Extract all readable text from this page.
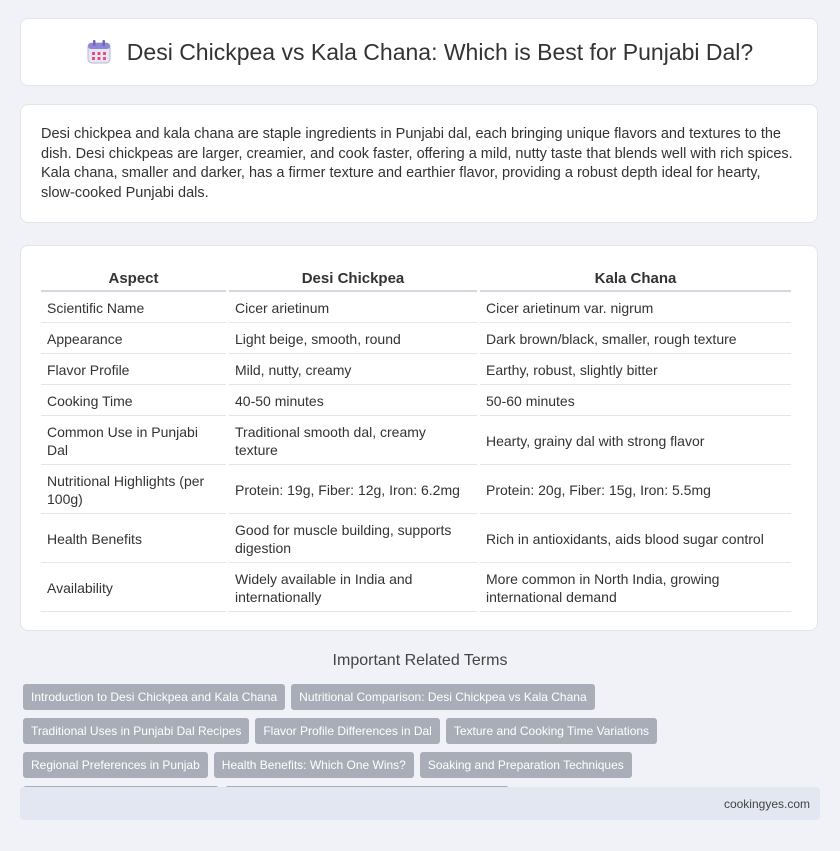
Desi Chickpea vs Kala Chana: Which is Best for Punjabi Dal?

Desi chickpea and kala chana are staple ingredients in Punjabi dal, each bringing unique flavors and textures to the dish. Desi chickpeas are larger, creamier, and cook faster, offering a mild, nutty taste that blends well with rich spices. Kala chana, smaller and darker, has a firmer texture and earthier flavor, providing a robust depth ideal for hearty, slow-cooked Punjabi dals.

Aspect	Desi Chickpea	Kala Chana
Scientific Name	Cicer arietinum	Cicer arietinum var. nigrum
Appearance	Light beige, smooth, round	Dark brown/black, smaller, rough texture
Flavor Profile	Mild, nutty, creamy	Earthy, robust, slightly bitter
Cooking Time	40-50 minutes	50-60 minutes
Common Use in Punjabi Dal	Traditional smooth dal, creamy texture	Hearty, grainy dal with strong flavor
Nutritional Highlights (per 100g)	Protein: 19g, Fiber: 12g, Iron: 6.2mg	Protein: 20g, Fiber: 15g, Iron: 5.5mg
Health Benefits	Good for muscle building, supports digestion	Rich in antioxidants, aids blood sugar control
Availability	Widely available in India and internationally	More common in North India, growing international demand
Important Related Terms
Introduction to Desi Chickpea and Kala Chana Nutritional Comparison: Desi Chickpea vs Kala ChanaTraditional Uses in Punjabi Dal Recipes Flavor Profile Differences in Dal Texture and Cooking Time VariationsRegional Preferences in Punjab Health Benefits: Which One Wins? Soaking and Preparation Techniques
cookingyes.com
